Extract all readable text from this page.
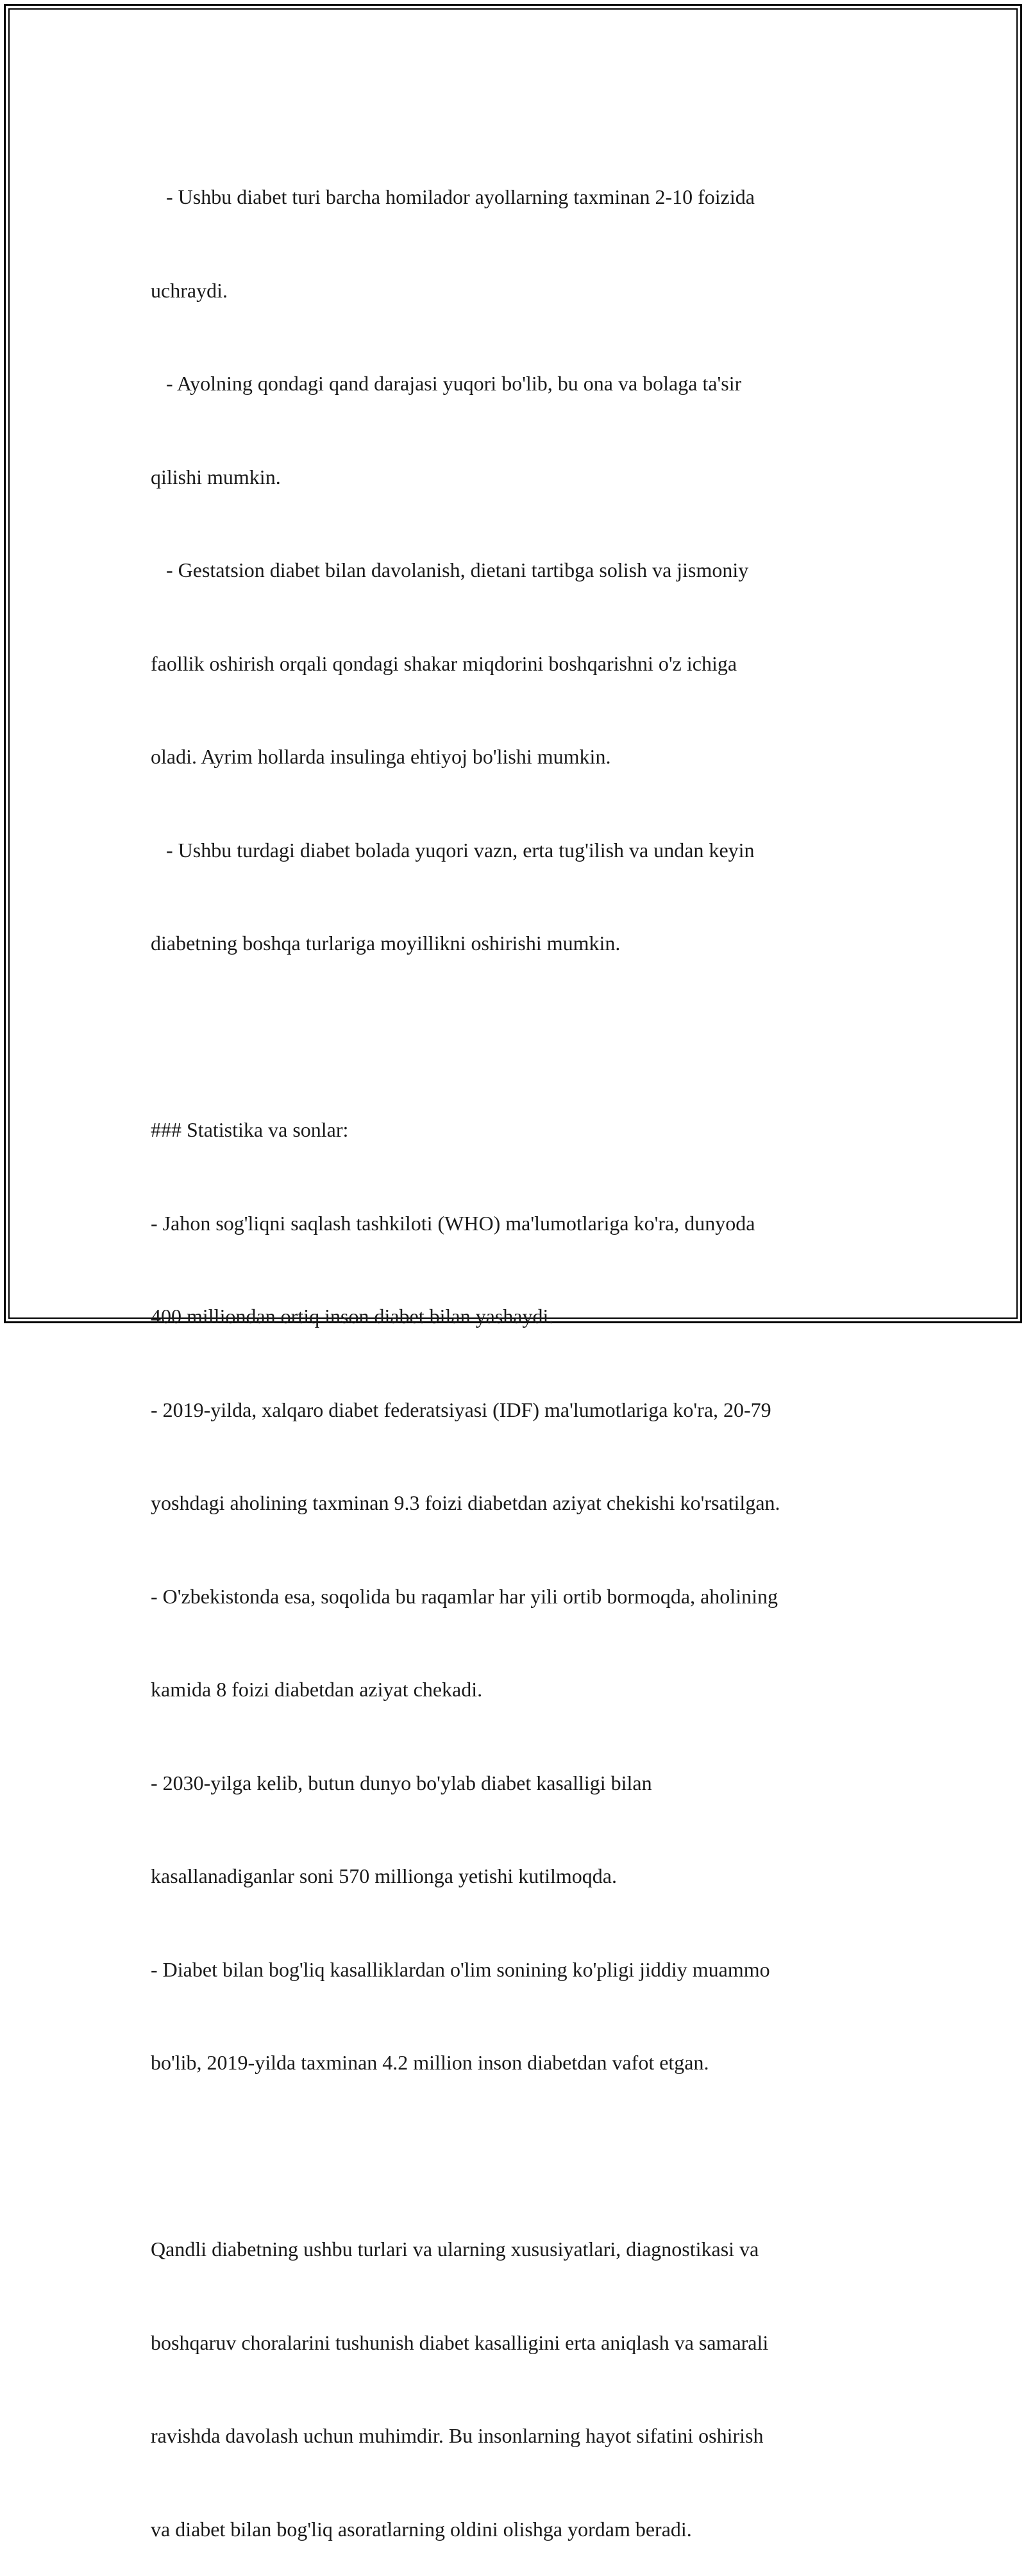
- Ushbu diabet turi barcha homilador ayollarning taxminan 2-10 foizida

uchraydi.

- Ayolning qondagi qand darajasi yuqori bo'lib, bu ona va bolaga ta'sir

qilishi mumkin.

- Gestatsion diabet bilan davolanish, dietani tartibga solish va jismoniy

faollik oshirish orqali qondagi shakar miqdorini boshqarishni o'z ichiga

oladi. Ayrim hollarda insulinga ehtiyoj bo'lishi mumkin.

- Ushbu turdagi diabet bolada yuqori vazn, erta tug'ilish va undan keyin

diabetning boshqa turlariga moyillikni oshirishi mumkin.

### Statistika va sonlar:

- Jahon sog'liqni saqlash tashkiloti (WHO) ma'lumotlariga ko'ra, dunyoda

400 milliondan ortiq inson diabet bilan yashaydi.

- 2019-yilda, xalqaro diabet federatsiyasi (IDF) ma'lumotlariga ko'ra, 20-79

yoshdagi aholining taxminan 9.3 foizi diabetdan aziyat chekishi ko'rsatilgan.

- O'zbekistonda esa, soqolida bu raqamlar har yili ortib bormoqda, aholining

kamida 8 foizi diabetdan aziyat chekadi.

- 2030-yilga kelib, butun dunyo bo'ylab diabet kasalligi bilan

kasallanadiganlar soni 570 millionga yetishi kutilmoqda.

- Diabet bilan bog'liq kasalliklardan o'lim sonining ko'pligi jiddiy muammo

bo'lib, 2019-yilda taxminan 4.2 million inson diabetdan vafot etgan.

Qandli diabetning ushbu turlari va ularning xususiyatlari, diagnostikasi va

boshqaruv choralarini tushunish diabet kasalligini erta aniqlash va samarali

ravishda davolash uchun muhimdir. Bu insonlarning hayot sifatini oshirish

va diabet bilan bog'liq asoratlarning oldini olishga yordam beradi.
